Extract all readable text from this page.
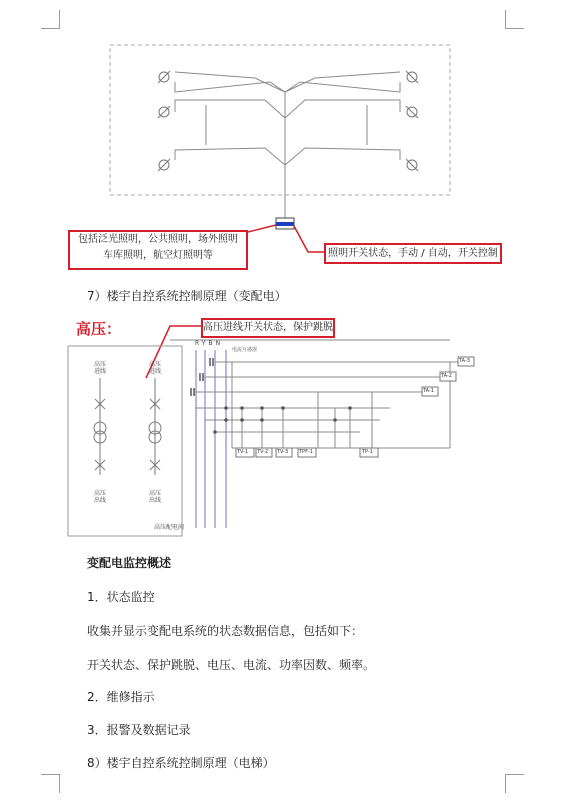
包括泛光照明，公共照明，场外照明
车库照明，航空灯照明等	照明开关状态，手动 / 自动，开关控制
7）楼宇自控系统控制原理（变配电）
高压：	高压进线开关状态，保护跳脱
高压
进线
高压
进线
高压
出线
高压
出线
高压配电间
RYBN
电流互感器
TA-3
TA-2
TA-1
TV-1 TV-2 TV-3 TPF-1	TP-1
变配电监控概述
1．状态监控
收集并显示变配电系统的状态数据信息，包括如下：
开关状态、保护跳脱、电压、电流、功率因数、频率。
2．维修指示
3．报警及数据记录
8）楼宇自控系统控制原理（电梯）
